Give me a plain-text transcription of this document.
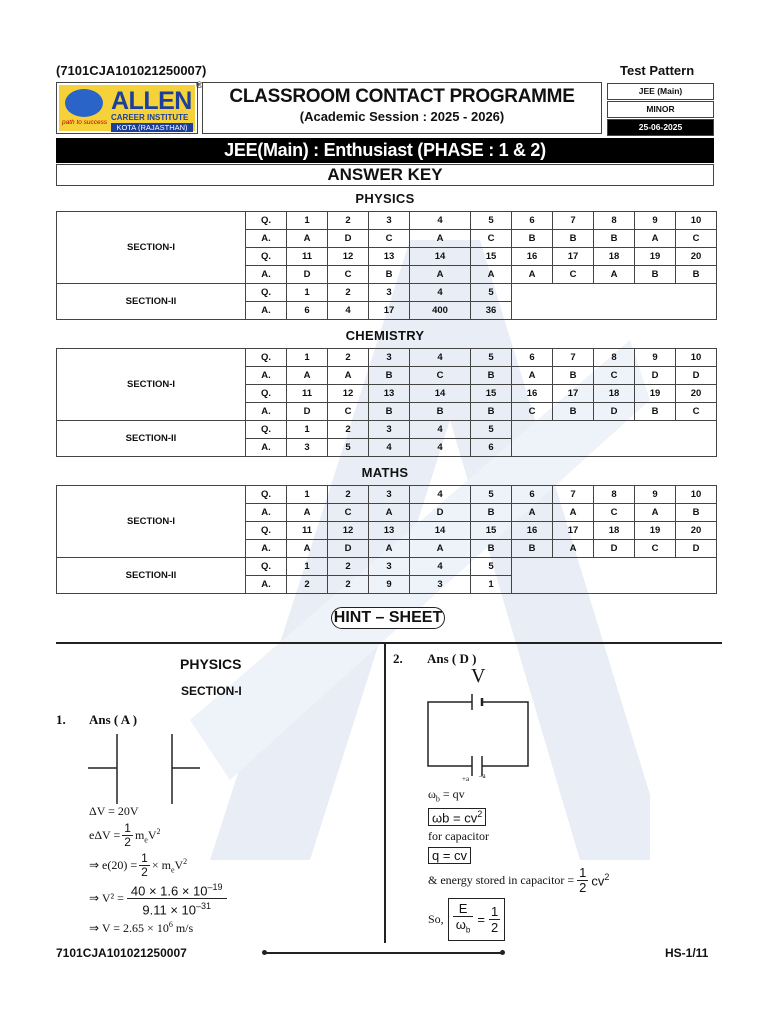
(7101CJA101021250007)	Test Pattern
path to success
ALLEN
CAREER INSTITUTE
KOTA (RAJASTHAN)
®
CLASSROOM CONTACT PROGRAMME
(Academic Session : 2025 - 2026)
JEE (Main)
MINOR
25-06-2025
JEE(Main) : Enthusiast (PHASE : 1 & 2)
ANSWER KEY
PHYSICS
SECTION-I	Q.	1	2	3	4	5	6	7	8	9	10
	A.	A	D	C	A	C	B	B	B	A	C
	Q.	11	12	13	14	15	16	17	18	19	20
	A.	D	C	B	A	A	A	C	A	B	B
SECTION-II	Q.	1	2	3	4	5					
	A.	6	4	17	400	36					
CHEMISTRY
SECTION-I	Q.	1	2	3	4	5	6	7	8	9	10
	A.	A	A	B	C	B	A	B	C	D	D
	Q.	11	12	13	14	15	16	17	18	19	20
	A.	D	C	B	B	B	C	B	D	B	C
SECTION-II	Q.	1	2	3	4	5					
	A.	3	5	4	4	6					
MATHS
SECTION-I	Q.	1	2	3	4	5	6	7	8	9	10
	A.	A	C	A	D	B	A	A	C	A	B
	Q.	11	12	13	14	15	16	17	18	19	20
	A.	A	D	A	A	B	B	A	D	C	D
SECTION-II	Q.	1	2	3	4	5					
	A.	2	2	9	3	1					
HINT – SHEET
PHYSICS
SECTION-I
1. Ans ( A )
ΔV = 20V
$e\Delta V = \frac{1}{2} m_eV^2$
⇒ $e(20) = \frac{1}{2} \times m_eV^2$
⇒ $V^2 = \frac{40 \times 1.6 \times 10^{-19}}{9.11 \times 10^{-31}}$
⇒ $V = 2.65 \times 10^6$ m/s
2. Ans ( D )
V
+a –a
$\omega_b$ = qv
$\omega b = cv^2$
for capacitor
q = cv
& energy stored in capacitor = $\frac{1}{2} cv^2$
So, $\frac{E}{\omega_b} = \frac{1}{2}$
7101CJA101021250007	HS-1/11
